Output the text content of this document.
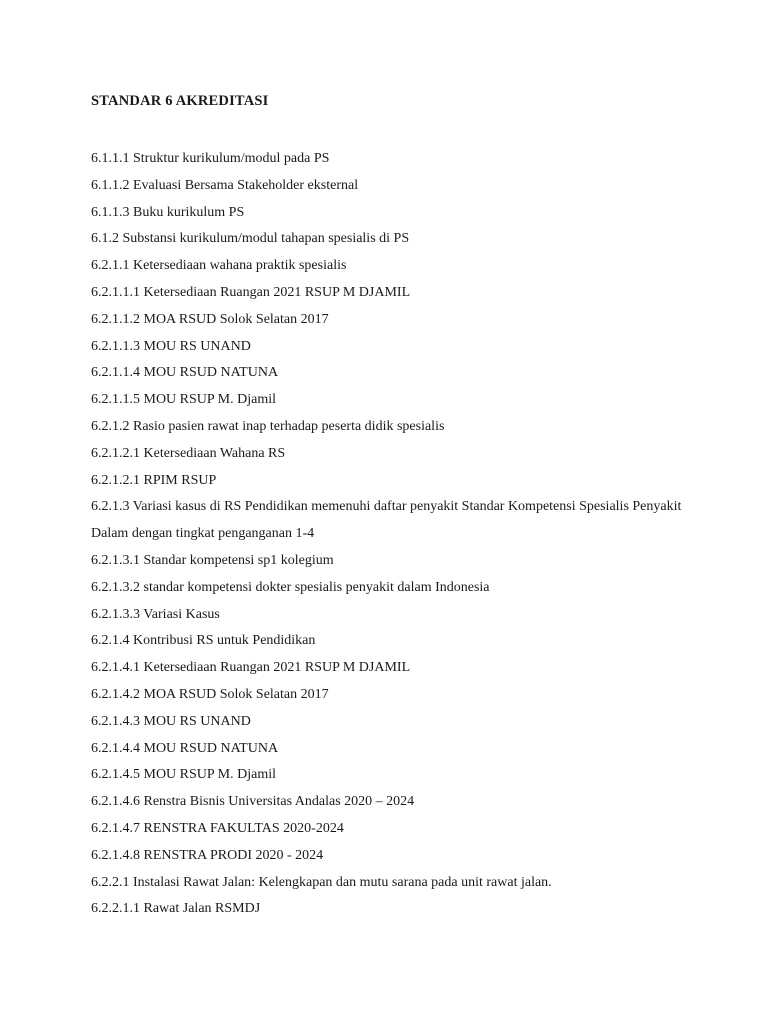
STANDAR 6 AKREDITASI
6.1.1.1 Struktur kurikulum/modul pada PS
6.1.1.2 Evaluasi Bersama Stakeholder eksternal
6.1.1.3 Buku kurikulum PS
6.1.2 Substansi kurikulum/modul tahapan spesialis di PS
6.2.1.1 Ketersediaan wahana praktik spesialis
6.2.1.1.1 Ketersediaan Ruangan 2021 RSUP M DJAMIL
6.2.1.1.2 MOA RSUD Solok Selatan 2017
6.2.1.1.3 MOU RS UNAND
6.2.1.1.4 MOU RSUD NATUNA
6.2.1.1.5 MOU RSUP M. Djamil
6.2.1.2 Rasio pasien rawat inap terhadap peserta didik spesialis
6.2.1.2.1 Ketersediaan Wahana RS
6.2.1.2.1 RPIM RSUP
6.2.1.3 Variasi kasus di RS Pendidikan memenuhi daftar penyakit Standar Kompetensi Spesialis Penyakit Dalam dengan tingkat penganganan 1-4
6.2.1.3.1 Standar kompetensi sp1 kolegium
6.2.1.3.2 standar kompetensi dokter spesialis penyakit dalam Indonesia
6.2.1.3.3 Variasi Kasus
6.2.1.4 Kontribusi RS untuk Pendidikan
6.2.1.4.1 Ketersediaan Ruangan 2021 RSUP M DJAMIL
6.2.1.4.2 MOA RSUD Solok Selatan 2017
6.2.1.4.3 MOU RS UNAND
6.2.1.4.4 MOU RSUD NATUNA
6.2.1.4.5 MOU RSUP M. Djamil
6.2.1.4.6 Renstra Bisnis Universitas Andalas 2020 – 2024
6.2.1.4.7 RENSTRA FAKULTAS 2020-2024
6.2.1.4.8 RENSTRA PRODI 2020 - 2024
6.2.2.1 Instalasi Rawat Jalan: Kelengkapan dan mutu sarana pada unit rawat jalan.
6.2.2.1.1 Rawat Jalan RSMDJ
